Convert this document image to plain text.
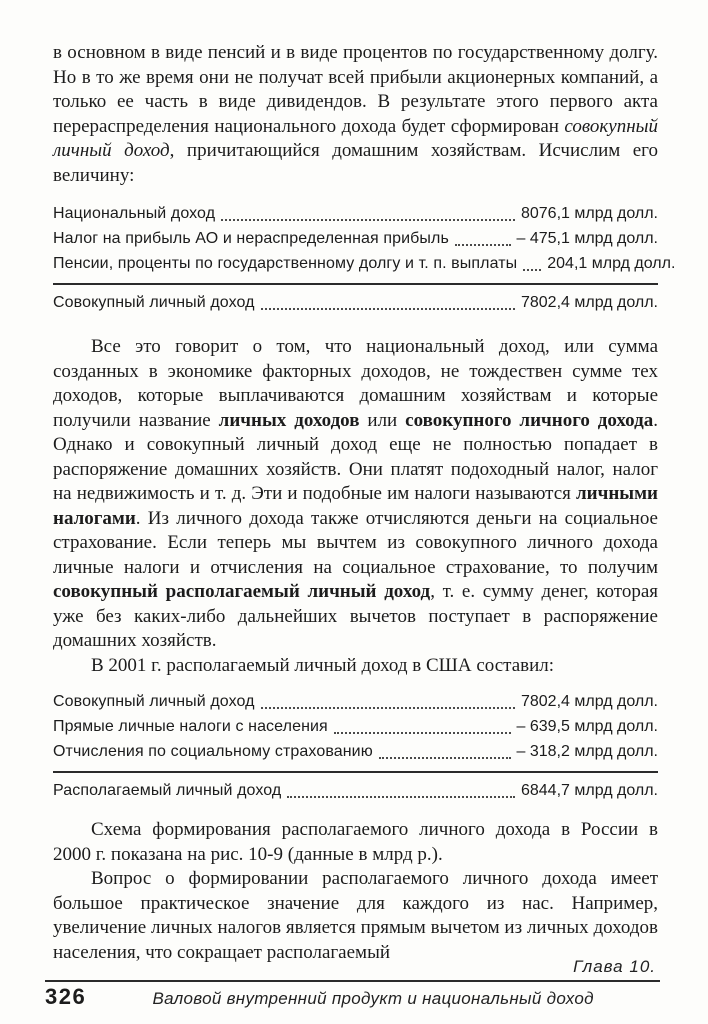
в основном в виде пенсий и в виде процентов по государственному долгу. Но в то же время они не получат всей прибыли акционерных компаний, а только ее часть в виде дивидендов. В результате этого первого акта перераспределения национального дохода будет сформирован совокупный личный доход, причитающийся домашним хозяйствам. Исчислим его величину:

Национальный доход	8076,1 млрд долл.
Налог на прибыль АО и нераспределенная прибыль	– 475,1 млрд долл.
Пенсии, проценты по государственному долгу и т. п. выплаты 204,1 млрд долл.
Совокупный личный доход	7802,4 млрд долл.

Все это говорит о том, что национальный доход, или сумма созданных в экономике факторных доходов, не тождествен сумме тех доходов, которые выплачиваются домашним хозяйствам и которые получили название личных доходов или совокупного личного дохода. Однако и совокупный личный доход еще не полностью попадает в распоряжение домашних хозяйств. Они платят подоходный налог, налог на недвижимость и т. д. Эти и подобные им налоги называются личными налогами. Из личного дохода также отчисляются деньги на социальное страхование. Если теперь мы вычтем из совокупного личного дохода личные налоги и отчисления на социальное страхование, то получим совокупный располагаемый личный доход, т. е. сумму денег, которая уже без каких-либо дальнейших вычетов поступает в распоряжение домашних хозяйств.

В 2001 г. располагаемый личный доход в США составил:

Совокупный личный доход	7802,4 млрд долл.
Прямые личные налоги с населения	– 639,5 млрд долл.
Отчисления по социальному страхованию	– 318,2 млрд долл.
Располагаемый личный доход	6844,7 млрд долл.

Схема формирования располагаемого личного дохода в России в 2000 г. показана на рис. 10-9 (данные в млрд р.).

Вопрос о формировании располагаемого личного дохода имеет большое практическое значение для каждого из нас. Например, увеличение личных налогов является прямым вычетом из личных доходов населения, что сокращает располагаемый

Глава 10.
326	Валовой внутренний продукт и национальный доход
